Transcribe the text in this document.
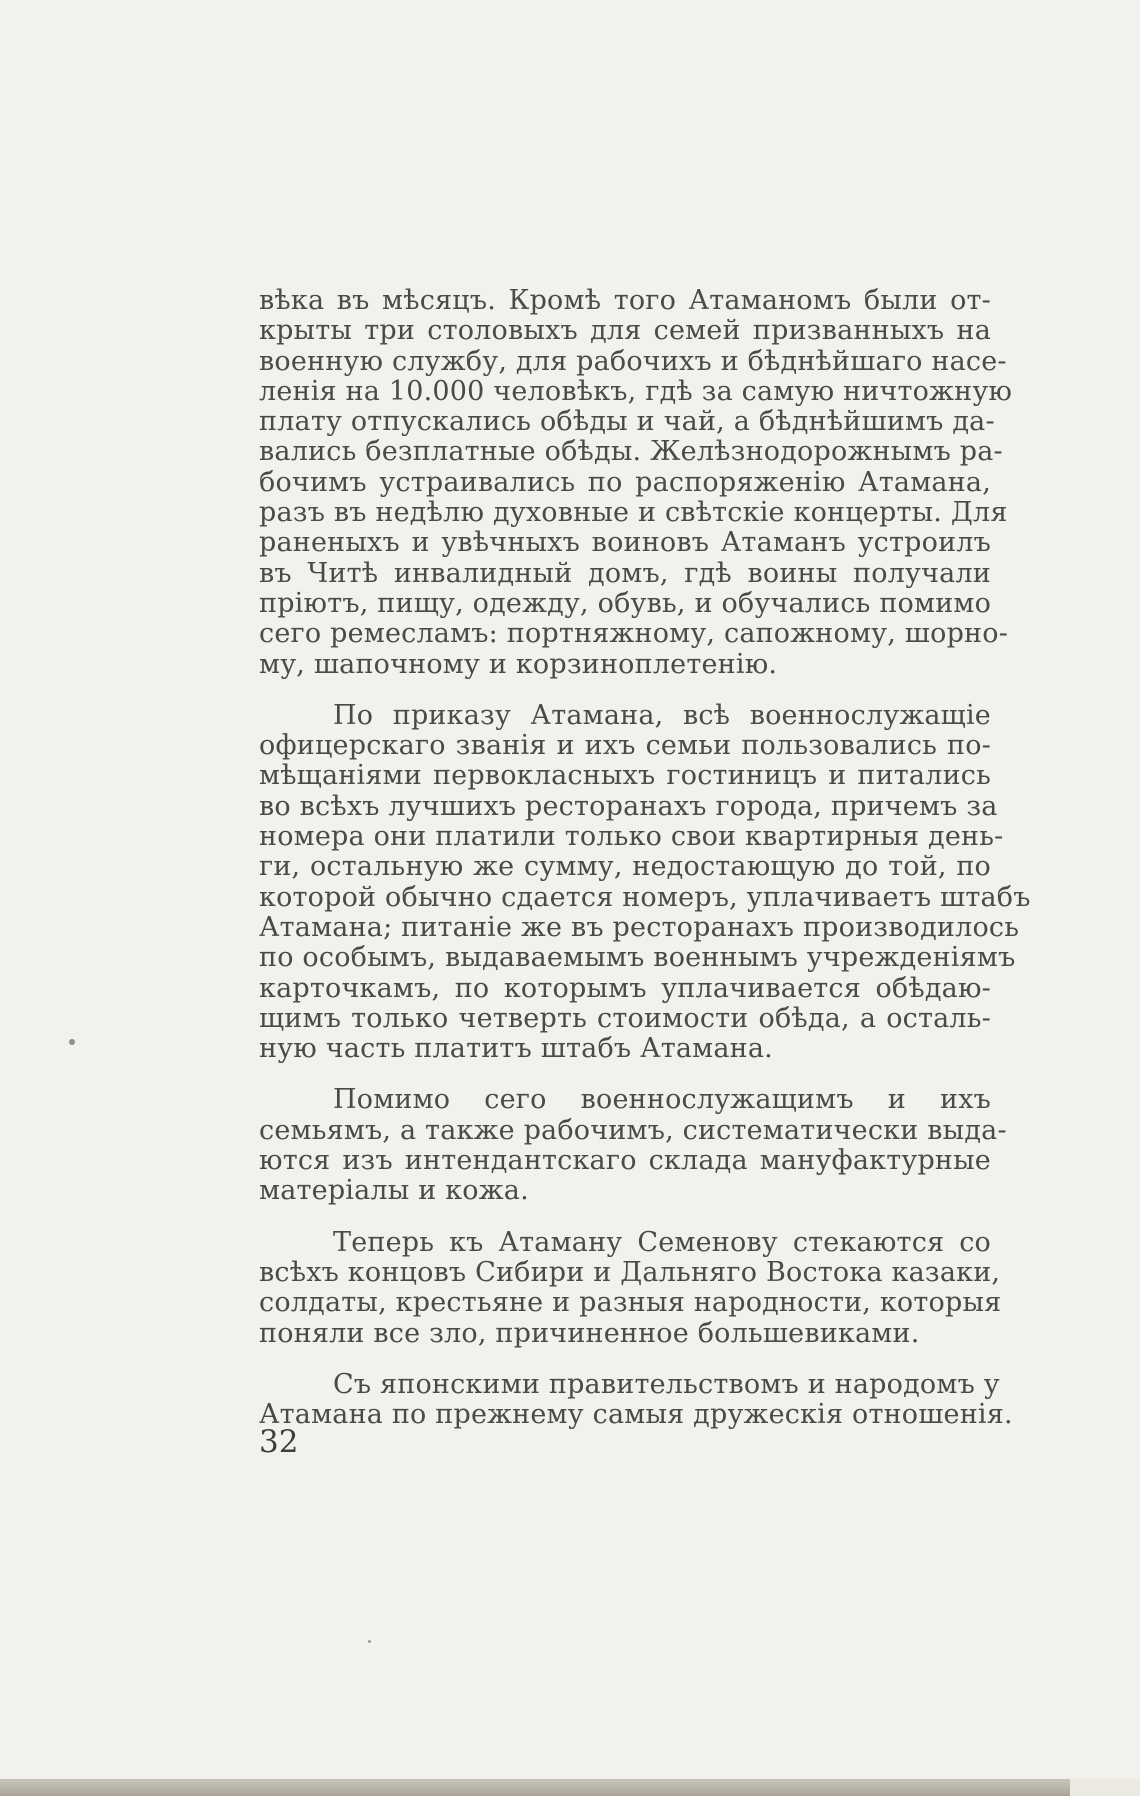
вѣка въ мѣсяцъ. Кромѣ того Атаманомъ были от-
крыты три столовыхъ для семей призванныхъ на
военную службу, для рабочихъ и бѣднѣйшаго насе-
ленія на 10.000 человѣкъ, гдѣ за самую ничтожную
плату отпускались обѣды и чай, а бѣднѣйшимъ да-
вались безплатные обѣды. Желѣзнодорожнымъ ра-
бочимъ устраивались по распоряженію Атамана,
разъ въ недѣлю духовные и свѣтскіе концерты. Для
раненыхъ и увѣчныхъ воиновъ Атаманъ устроилъ
въ Читѣ инвалидный домъ, гдѣ воины получали
пріютъ, пищу, одежду, обувь, и обучались помимо
сего ремесламъ: портняжному, сапожному, шорно-
му, шапочному и корзиноплетенію.
По приказу Атамана, всѣ военнослужащіе
офицерскаго званія и ихъ семьи пользовались по-
мѣщаніями первокласныхъ гостиницъ и питались
во всѣхъ лучшихъ ресторанахъ города, причемъ за
номера они платили только свои квартирныя день-
ги, остальную же сумму, недостающую до той, по
которой обычно сдается номеръ, уплачиваетъ штабъ
Атамана; питаніе же въ ресторанахъ производилось
по особымъ, выдаваемымъ военнымъ учрежденіямъ
карточкамъ, по которымъ уплачивается обѣдаю-
щимъ только четверть стоимости обѣда, а осталь-
ную часть платитъ штабъ Атамана.
Помимо сего военнослужащимъ и ихъ
семьямъ, а также рабочимъ, систематически выда-
ются изъ интендантскаго склада мануфактурные
матеріалы и кожа.
Теперь къ Атаману Семенову стекаются со
всѣхъ концовъ Сибири и Дальняго Востока казаки,
солдаты, крестьяне и разныя народности, которыя
поняли все зло, причиненное большевиками.
Съ японскими правительствомъ и народомъ у
Атамана по прежнему самыя дружескія отношенія.
32
